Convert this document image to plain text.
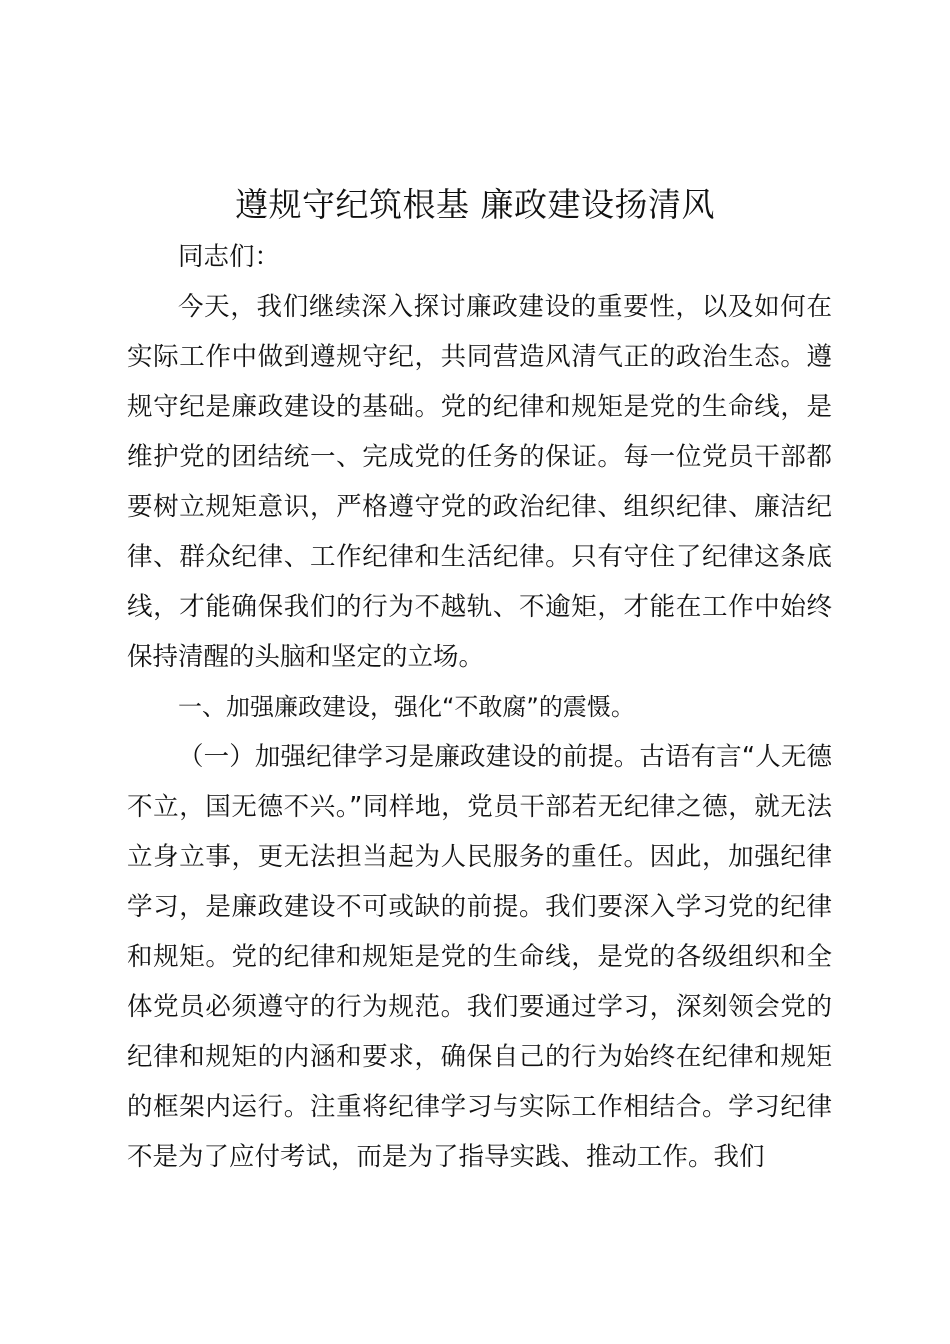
遵规守纪筑根基 廉政建设扬清风

同志们：

今天，我们继续深入探讨廉政建设的重要性，以及如何在实际工作中做到遵规守纪，共同营造风清气正的政治生态。遵规守纪是廉政建设的基础。党的纪律和规矩是党的生命线，是维护党的团结统一、完成党的任务的保证。每一位党员干部都要树立规矩意识，严格遵守党的政治纪律、组织纪律、廉洁纪律、群众纪律、工作纪律和生活纪律。只有守住了纪律这条底线，才能确保我们的行为不越轨、不逾矩，才能在工作中始终保持清醒的头脑和坚定的立场。

一、加强廉政建设，强化“不敢腐”的震慑。

（一）加强纪律学习是廉政建设的前提。古语有言“人无德不立，国无德不兴。”同样地，党员干部若无纪律之德，就无法立身立事，更无法担当起为人民服务的重任。因此，加强纪律学习，是廉政建设不可或缺的前提。我们要深入学习党的纪律和规矩。党的纪律和规矩是党的生命线，是党的各级组织和全体党员必须遵守的行为规范。我们要通过学习，深刻领会党的纪律和规矩的内涵和要求，确保自己的行为始终在纪律和规矩的框架内运行。注重将纪律学习与实际工作相结合。学习纪律不是为了应付考试，而是为了指导实践、推动工作。我们
